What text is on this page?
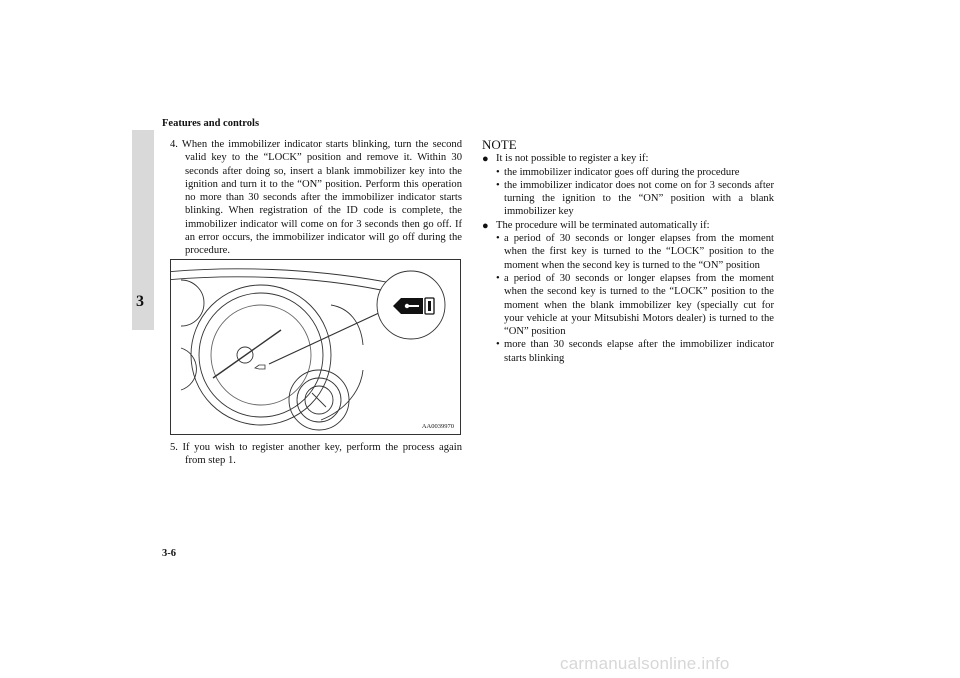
Features and controls
3

4. When the immobilizer indicator starts blinking, turn the second valid key to the “LOCK” position and remove it. Within 30 seconds after doing so, insert a blank immobilizer key into the ignition and turn it to the “ON” position. Perform this operation no more than 30 seconds after the immobilizer indicator starts blinking. When registration of the ID code is complete, the immobilizer indicator will come on for 3 seconds then go off. If an error occurs, the immobilizer indicator will go off during the procedure.

AA0039970
5. If you wish to register another key, perform the process again from step 1.
NOTE
● It is not possible to register a key if:
• the immobilizer indicator goes off during the procedure
• the immobilizer indicator does not come on for 3 seconds after turning the ignition to the “ON” position with a blank immobilizer key
● The procedure will be terminated automatically if:
• a period of 30 seconds or longer elapses from the moment when the first key is turned to the “LOCK” position to the moment when the second key is turned to the “ON” position
• a period of 30 seconds or longer elapses from the moment when the second key is turned to the “LOCK” position to the moment when the blank immobilizer key (specially cut for your vehicle at your Mitsubishi Motors dealer) is turned to the “ON” position
• more than 30 seconds elapse after the immobilizer indicator starts blinking
3-6
carmanualsonline.info
